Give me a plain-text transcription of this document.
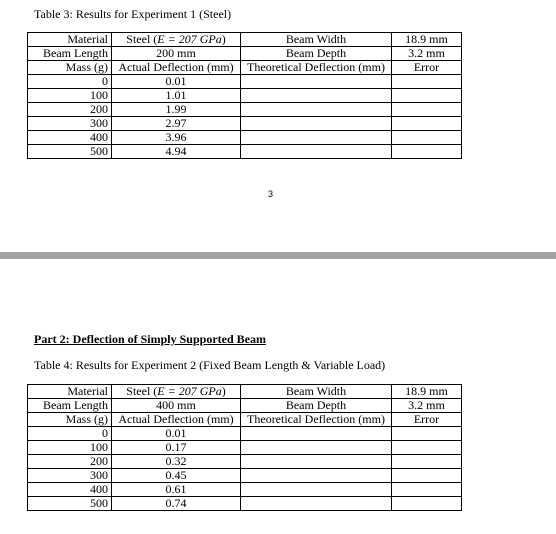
Table 3: Results for Experiment 1 (Steel)
Material	Steel (E = 207 GPa)	Beam Width	18.9 mm
Beam Length	200 mm	Beam Depth	3.2 mm
Mass (g)	Actual Deflection (mm)	Theoretical Deflection (mm)	Error
0	0.01		
100	1.01		
200	1.99		
300	2.97		
400	3.96		
500	4.94		
3
Part 2: Deflection of Simply Supported Beam
Table 4: Results for Experiment 2 (Fixed Beam Length & Variable Load)
Material	Steel (E = 207 GPa)	Beam Width	18.9 mm
Beam Length	400 mm	Beam Depth	3.2 mm
Mass (g)	Actual Deflection (mm)	Theoretical Deflection (mm)	Error
0	0.01		
100	0.17		
200	0.32		
300	0.45		
400	0.61		
500	0.74		
